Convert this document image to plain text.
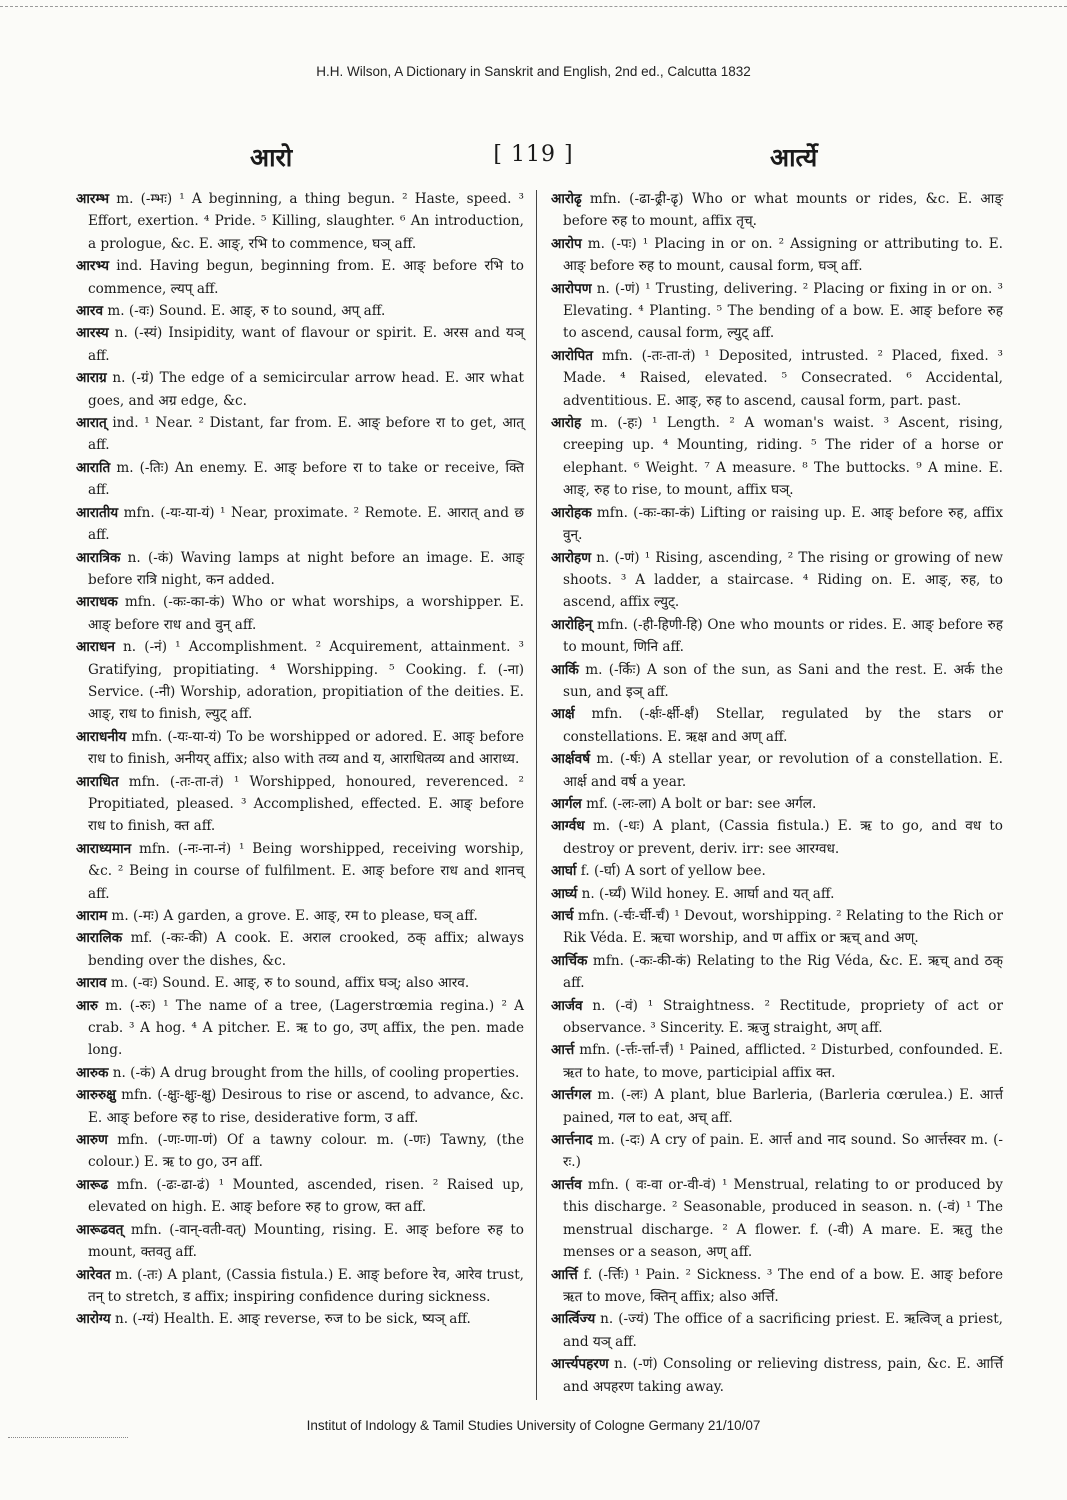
H.H. Wilson, A Dictionary in Sanskrit and English, 2nd ed., Calcutta 1832
आरो	[ 119 ]	आर्त्ये

आरम्भ m. (-म्भः) ¹ A beginning, a thing begun. ² Haste, speed. ³ Effort, exertion. ⁴ Pride. ⁵ Killing, slaughter. ⁶ An introduction, a prologue, &c. E. आङ्, रभि to commence, घञ् aff.

आरभ्य ind. Having begun, beginning from. E. आङ् before रभि to commence, ल्यप् aff.

आरव m. (-वः) Sound. E. आङ्, रु to sound, अप् aff.

आरस्य n. (-स्यं) Insipidity, want of flavour or spirit. E. अरस and यञ् aff.

आराग्र n. (-ग्रं) The edge of a semicircular arrow head. E. आर what goes, and अग्र edge, &c.

आरात् ind. ¹ Near. ² Distant, far from. E. आङ् before रा to get, आत् aff.

आराति m. (-तिः) An enemy. E. आङ् before रा to take or receive, क्ति aff.

आरातीय mfn. (-यः-या-यं) ¹ Near, proximate. ² Remote. E. आरात् and छ aff.

आरात्रिक n. (-कं) Waving lamps at night before an image. E. आङ् before रात्रि night, कन added.

आराधक mfn. (-कः-का-कं) Who or what worships, a worshipper. E. आङ् before राध and वुन् aff.

आराधन n. (-नं) ¹ Accomplishment. ² Acquirement, attainment. ³ Gratifying, propitiating. ⁴ Worshipping. ⁵ Cooking. f. (-ना) Service. (-नी) Worship, adoration, propitiation of the deities. E. आङ्, राध to finish, ल्युट् aff.

आराधनीय mfn. (-यः-या-यं) To be worshipped or adored. E. आङ् before राध to finish, अनीयर् affix; also with तव्य and य, आराधितव्य and आराध्य.

आराधित mfn. (-तः-ता-तं) ¹ Worshipped, honoured, reverenced. ² Propitiated, pleased. ³ Accomplished, effected. E. आङ् before राध to finish, क्त aff.

आराध्यमान mfn. (-नः-ना-नं) ¹ Being worshipped, receiving worship, &c. ² Being in course of fulfilment. E. आङ् before राध and शानच् aff.

आराम m. (-मः) A garden, a grove. E. आङ्, रम to please, घञ् aff.

आरालिक mf. (-कः-की) A cook. E. अराल crooked, ठक् affix; always bending over the dishes, &c.

आराव m. (-वः) Sound. E. आङ्, रु to sound, affix घञ्; also आरव.

आरु m. (-रुः) ¹ The name of a tree, (Lagerstrœmia regina.) ² A crab. ³ A hog. ⁴ A pitcher. E. ऋ to go, उण् affix, the pen. made long.

आरुक n. (-कं) A drug brought from the hills, of cooling properties.

आरुरुक्षु mfn. (-क्षुः-क्षुः-क्षु) Desirous to rise or ascend, to advance, &c. E. आङ् before रुह to rise, desiderative form, उ aff.

आरुण mfn. (-णः-णा-णं) Of a tawny colour. m. (-णः) Tawny, (the colour.) E. ऋ to go, उन aff.

आरूढ mfn. (-ढः-ढा-ढं) ¹ Mounted, ascended, risen. ² Raised up, elevated on high. E. आङ् before रुह to grow, क्त aff.

आरूढवत् mfn. (-वान्-वती-वत्) Mounting, rising. E. आङ् before रुह to mount, क्तवतु aff.

आरेवत m. (-तः) A plant, (Cassia fistula.) E. आङ् before रेव, आरेव trust, तन् to stretch, ड affix; inspiring confidence during sickness.

आरोग्य n. (-ग्यं) Health. E. आङ् reverse, रुज to be sick, ष्यञ् aff.

आरोढृ mfn. (-ढा-ढ्री-ढृ) Who or what mounts or rides, &c. E. आङ् before रुह to mount, affix तृच्.

आरोप m. (-पः) ¹ Placing in or on. ² Assigning or attributing to. E. आङ् before रुह to mount, causal form, घञ् aff.

आरोपण n. (-णं) ¹ Trusting, delivering. ² Placing or fixing in or on. ³ Elevating. ⁴ Planting. ⁵ The bending of a bow. E. आङ् before रुह to ascend, causal form, ल्युट् aff.

आरोपित mfn. (-तः-ता-तं) ¹ Deposited, intrusted. ² Placed, fixed. ³ Made. ⁴ Raised, elevated. ⁵ Consecrated. ⁶ Accidental, adventitious. E. आङ्, रुह to ascend, causal form, part. past.

आरोह m. (-हः) ¹ Length. ² A woman's waist. ³ Ascent, rising, creeping up. ⁴ Mounting, riding. ⁵ The rider of a horse or elephant. ⁶ Weight. ⁷ A measure. ⁸ The buttocks. ⁹ A mine. E. आङ्, रुह to rise, to mount, affix घञ्.

आरोहक mfn. (-कः-का-कं) Lifting or raising up. E. आङ् before रुह, affix वुन्.

आरोहण n. (-णं) ¹ Rising, ascending, ² The rising or growing of new shoots. ³ A ladder, a staircase. ⁴ Riding on. E. आङ्, रुह, to ascend, affix ल्युट्.

आरोहिन् mfn. (-ही-हिणी-हि) One who mounts or rides. E. आङ् before रुह to mount, णिनि aff.

आर्कि m. (-र्किः) A son of the sun, as Sani and the rest. E. अर्क the sun, and इञ् aff.

आर्क्ष mfn. (-र्क्षः-र्क्षी-र्क्षं) Stellar, regulated by the stars or constellations. E. ऋक्ष and अण् aff.

आर्क्षवर्ष m. (-र्षः) A stellar year, or revolution of a constellation. E. आर्क्ष and वर्ष a year.

आर्गल mf. (-लः-ला) A bolt or bar: see अर्गल.

आर्ग्वध m. (-धः) A plant, (Cassia fistula.) E. ऋ to go, and वध to destroy or prevent, deriv. irr: see आरग्वध.

आर्घा f. (-र्घा) A sort of yellow bee.

आर्घ्य n. (-र्घ्यं) Wild honey. E. आर्घा and यत् aff.

आर्च mfn. (-र्चः-र्ची-र्चं) ¹ Devout, worshipping. ² Relating to the Rich or Rik Véda. E. ऋचा worship, and ण affix or ऋच् and अण्.

आर्चिक mfn. (-कः-की-कं) Relating to the Rig Véda, &c. E. ऋच् and ठक् aff.

आर्जव n. (-वं) ¹ Straightness. ² Rectitude, propriety of act or observance. ³ Sincerity. E. ऋजु straight, अण् aff.

आर्त्त mfn. (-र्त्तः-र्त्ता-र्त्तं) ¹ Pained, afflicted. ² Disturbed, confounded. E. ऋत to hate, to move, participial affix क्त.

आर्त्तगल m. (-लः) A plant, blue Barleria, (Barleria cœrulea.) E. आर्त्त pained, गल to eat, अच् aff.

आर्त्तनाद m. (-दः) A cry of pain. E. आर्त्त and नाद sound. So आर्त्तस्वर m. (-रः.)

आर्त्तव mfn. ( वः-वा or-वी-वं) ¹ Menstrual, relating to or produced by this discharge. ² Seasonable, produced in season. n. (-वं) ¹ The menstrual discharge. ² A flower. f. (-वी) A mare. E. ऋतु the menses or a season, अण् aff.

आर्त्ति f. (-र्त्तिः) ¹ Pain. ² Sickness. ³ The end of a bow. E. आङ् before ऋत to move, क्तिन् affix; also अर्त्ति.

आर्त्विज्य n. (-ज्यं) The office of a sacrificing priest. E. ऋत्विज् a priest, and यञ् aff.

आर्त्त्यपहरण n. (-णं) Consoling or relieving distress, pain, &c. E. आर्त्ति and अपहरण taking away.

Institut of Indology & Tamil Studies University of Cologne Germany 21/10/07
